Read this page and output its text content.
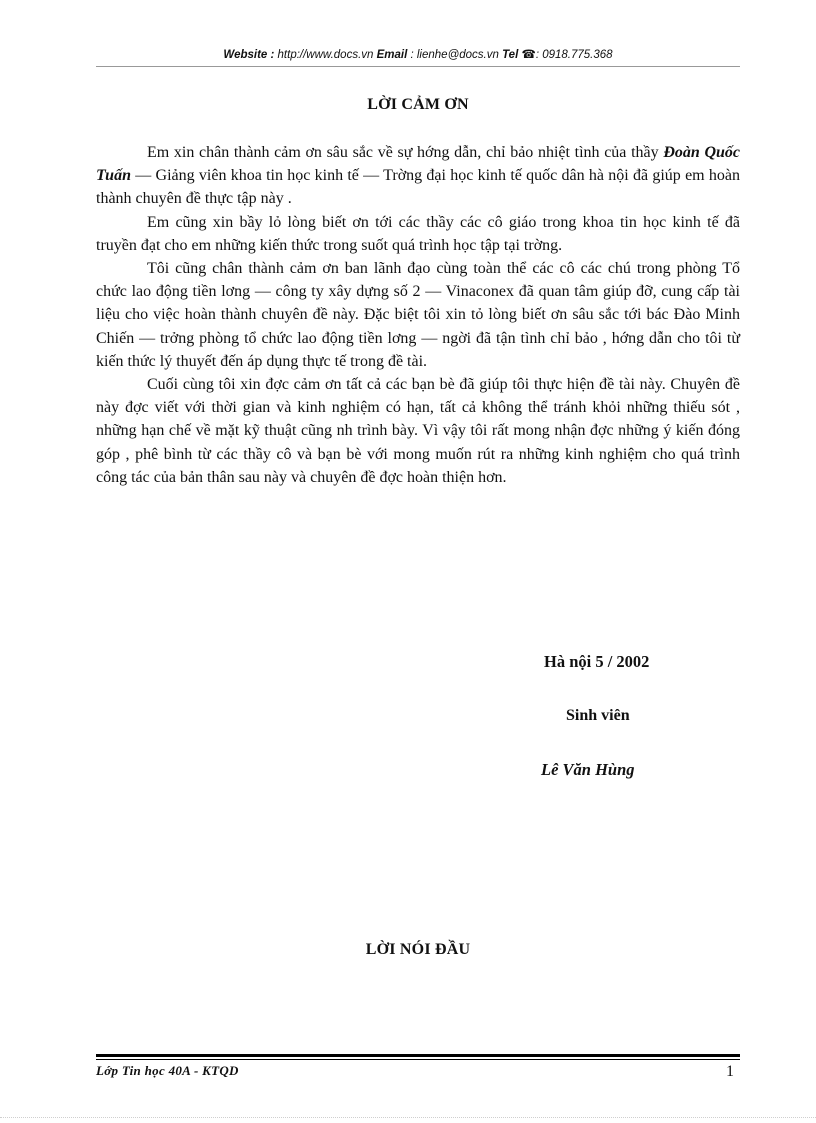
Website : http://www.docs.vn Email : lienhe@docs.vn Tel ☎: 0918.775.368
LỜI CẢM ƠN

Em xin chân thành cảm ơn sâu sắc về sự hớng dẫn, chỉ bảo nhiệt tình của thầy Đoàn Quốc Tuấn — Giảng viên khoa tin học kinh tế — Trờng đại học kinh tế quốc dân hà nội đã giúp em hoàn thành chuyên đề thực tập này .

Em cũng xin bầy lỏ lòng biết ơn tới các thầy các cô giáo trong khoa tin học kinh tế đã truyền đạt cho em những kiến thức trong suốt quá trình học tập tại trờng.

Tôi cũng chân thành cảm ơn ban lãnh đạo cùng toàn thể các cô các chú trong phòng Tổ chức lao động tiền lơng — công ty xây dựng số 2 — Vinaconex đã quan tâm giúp đỡ, cung cấp tài liệu cho việc hoàn thành chuyên đề này. Đặc biệt tôi xin tỏ lòng biết ơn sâu sắc tới bác Đào Minh Chiến — trởng phòng tổ chức lao động tiền lơng — ngời đã tận tình chỉ bảo , hớng dẫn cho tôi từ kiến thức lý thuyết đến áp dụng thực tế trong đề tài.

Cuối cùng tôi xin đợc cảm ơn tất cả các bạn bè đã giúp tôi thực hiện đề tài này. Chuyên đề này đợc viết với thời gian và kinh nghiệm có hạn, tất cả không thể tránh khỏi những thiếu sót , những hạn chế về mặt kỹ thuật cũng nh trình bày. Vì vậy tôi rất mong nhận đợc những ý kiến đóng góp , phê bình từ các thầy cô và bạn bè với mong muốn rút ra những kinh nghiệm cho quá trình công tác của bản thân sau này và chuyên đề đợc hoàn thiện hơn.

Hà nội 5 / 2002
Sinh viên
Lê Văn Hùng
LỜI NÓI ĐẦU
Lớp Tin học 40A - KTQD	1
